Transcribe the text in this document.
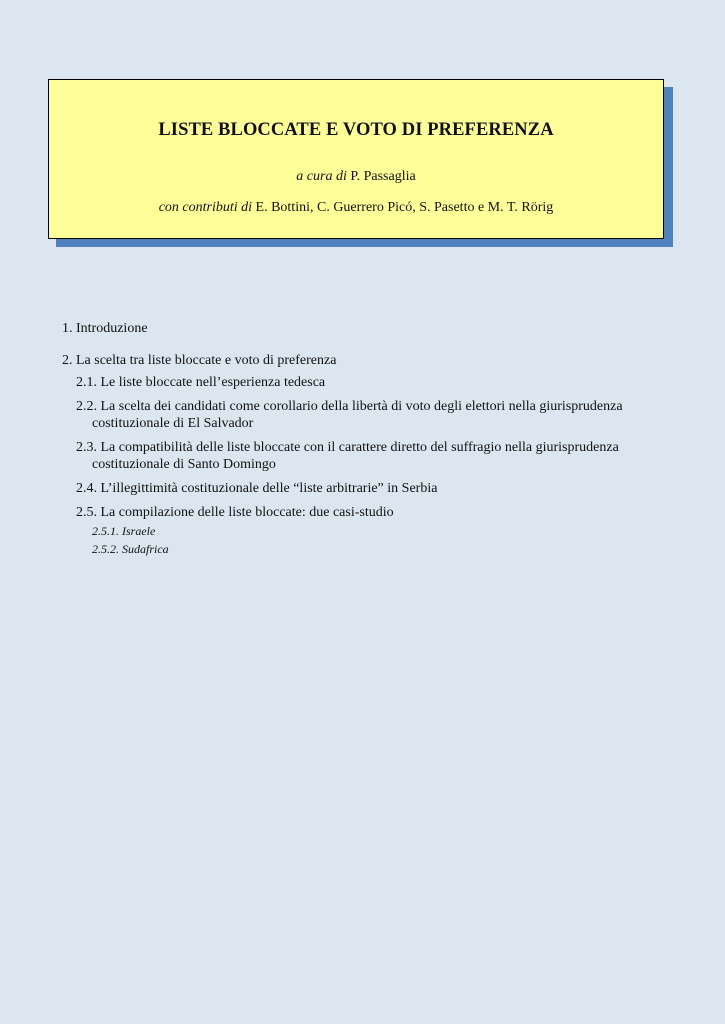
LISTE BLOCCATE E VOTO DI PREFERENZA
a cura di P. Passaglia
con contributi di E. Bottini, C. Guerrero Picó, S. Pasetto e M. T. Rörig

1. Introduzione

2. La scelta tra liste bloccate e voto di preferenza

2.1. Le liste bloccate nell’esperienza tedesca

2.2. La scelta dei candidati come corollario della libertà di voto degli elettori nella giurisprudenza costituzionale di El Salvador

2.3. La compatibilità delle liste bloccate con il carattere diretto del suffragio nella giurisprudenza costituzionale di Santo Domingo

2.4. L’illegittimità costituzionale delle “liste arbitrarie” in Serbia

2.5. La compilazione delle liste bloccate: due casi-studio

2.5.1. Israele

2.5.2. Sudafrica
